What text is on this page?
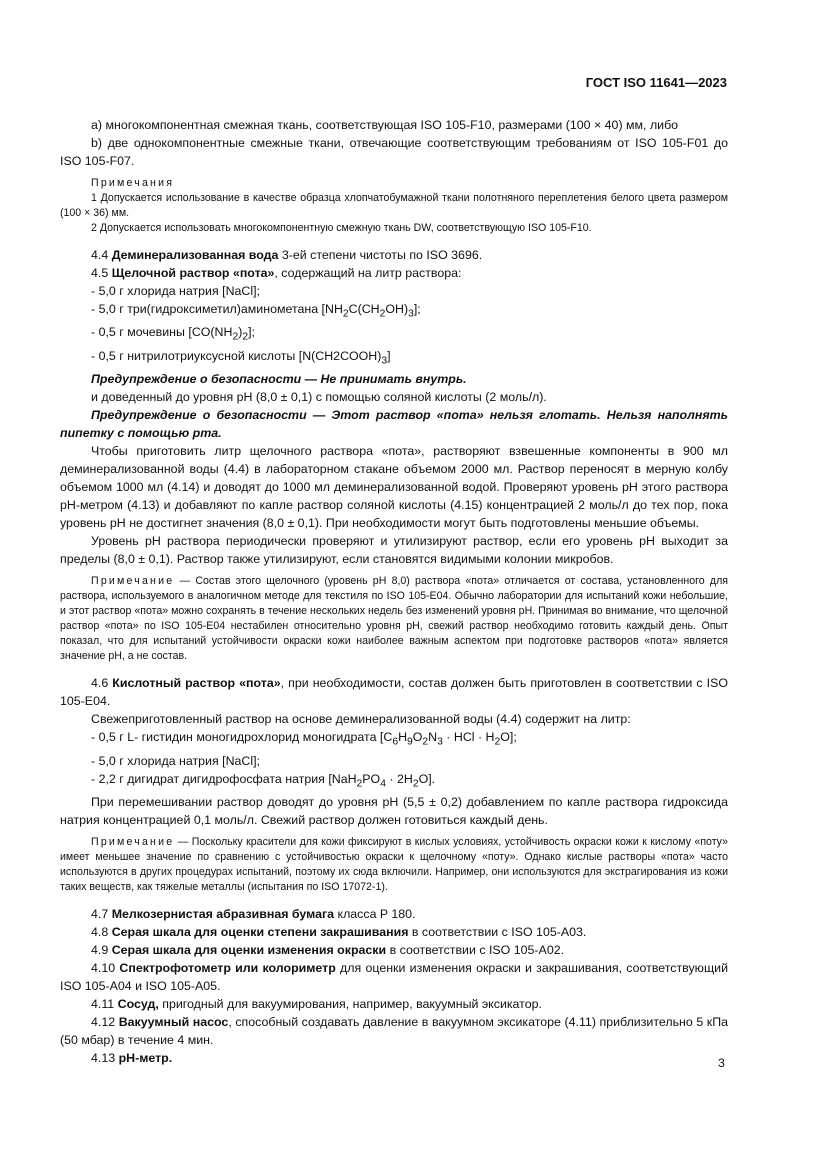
ГОСТ ISO 11641—2023
а) многокомпонентная смежная ткань, соответствующая ISO 105-F10, размерами (100 × 40) мм, либо
b) две однокомпонентные смежные ткани, отвечающие соответствующим требованиям от ISO 105-F01 до ISO 105-F07.
Примечания
1 Допускается использование в качестве образца хлопчатобумажной ткани полотняного переплетения белого цвета размером (100 × 36) мм.
2 Допускается использовать многокомпонентную смежную ткань DW, соответствующую ISO 105-F10.
4.4 Деминерализованная вода 3-ей степени чистоты по ISO 3696.
4.5 Щелочной раствор «пота», содержащий на литр раствора:
- 5,0 г хлорида натрия [NaCl];
- 5,0 г три(гидроксиметил)аминометана $[NH_2C(CH_2OH)_3]$;
- 0,5 г мочевины $[CO(NH_2)_2]$;
- 0,5 г нитрилотриуксусной кислоты $[N(CH2COOH)_3]$
Предупреждение о безопасности — Не принимать внутрь.
и доведенный до уровня pH (8,0 ± 0,1) с помощью соляной кислоты (2 моль/л).
Предупреждение о безопасности — Этот раствор «пота» нельзя глотать. Нельзя наполнять пипетку с помощью рта.
Чтобы приготовить литр щелочного раствора «пота», растворяют взвешенные компоненты в 900 мл деминерализованной воды (4.4) в лабораторном стакане объемом 2000 мл. Раствор переносят в мерную колбу объемом 1000 мл (4.14) и доводят до 1000 мл деминерализованной водой. Проверяют уровень pH этого раствора pH-метром (4.13) и добавляют по капле раствор соляной кислоты (4.15) концентрацией 2 моль/л до тех пор, пока уровень pH не достигнет значения (8,0 ± 0,1). При необходимости могут быть подготовлены меньшие объемы.
Уровень pH раствора периодически проверяют и утилизируют раствор, если его уровень pH выходит за пределы (8,0 ± 0,1). Раствор также утилизируют, если становятся видимыми колонии микробов.
Примечание — Состав этого щелочного (уровень pH 8,0) раствора «пота» отличается от состава, установленного для раствора, используемого в аналогичном методе для текстиля по ISO 105-E04. Обычно лаборатории для испытаний кожи небольшие, и этот раствор «пота» можно сохранять в течение нескольких недель без изменений уровня pH. Принимая во внимание, что щелочной раствор «пота» по ISO 105-E04 нестабилен относительно уровня pH, свежий раствор необходимо готовить каждый день. Опыт показал, что для испытаний устойчивости окраски кожи наиболее важным аспектом при подготовке растворов «пота» является значение pH, а не состав.
4.6 Кислотный раствор «пота», при необходимости, состав должен быть приготовлен в соответствии с ISO 105-E04.
Свежеприготовленный раствор на основе деминерализованной воды (4.4) содержит на литр:
- 0,5 г L- гистидин моногидрохлорид моногидрата [$C_6H_9O_2N_3$ · HCl · $H_2O$];
- 5,0 г хлорида натрия [NaCl];
- 2,2 г дигидрат дигидрофосфата натрия $[NaH_2PO_4 \cdot 2H_2O]$.
При перемешивании раствор доводят до уровня pH (5,5 ± 0,2) добавлением по капле раствора гидроксида натрия концентрацией 0,1 моль/л. Свежий раствор должен готовиться каждый день.
Примечание — Поскольку красители для кожи фиксируют в кислых условиях, устойчивость окраски кожи к кислому «поту» имеет меньшее значение по сравнению с устойчивостью окраски к щелочному «поту». Однако кислые растворы «пота» часто используются в других процедурах испытаний, поэтому их сюда включили. Например, они используются для экстрагирования из кожи таких веществ, как тяжелые металлы (испытания по ISO 17072-1).
4.7 Мелкозернистая абразивная бумага класса P 180.
4.8 Серая шкала для оценки степени закрашивания в соответствии с ISO 105-A03.
4.9 Серая шкала для оценки изменения окраски в соответствии с ISO 105-A02.
4.10 Спектрофотометр или колориметр для оценки изменения окраски и закрашивания, соответствующий ISO 105-A04 и ISO 105-A05.
4.11 Сосуд, пригодный для вакуумирования, например, вакуумный эксикатор.
4.12 Вакуумный насос, способный создавать давление в вакуумном эксикаторе (4.11) приблизительно 5 кПа (50 мбар) в течение 4 мин.
4.13 pH-метр.	3
